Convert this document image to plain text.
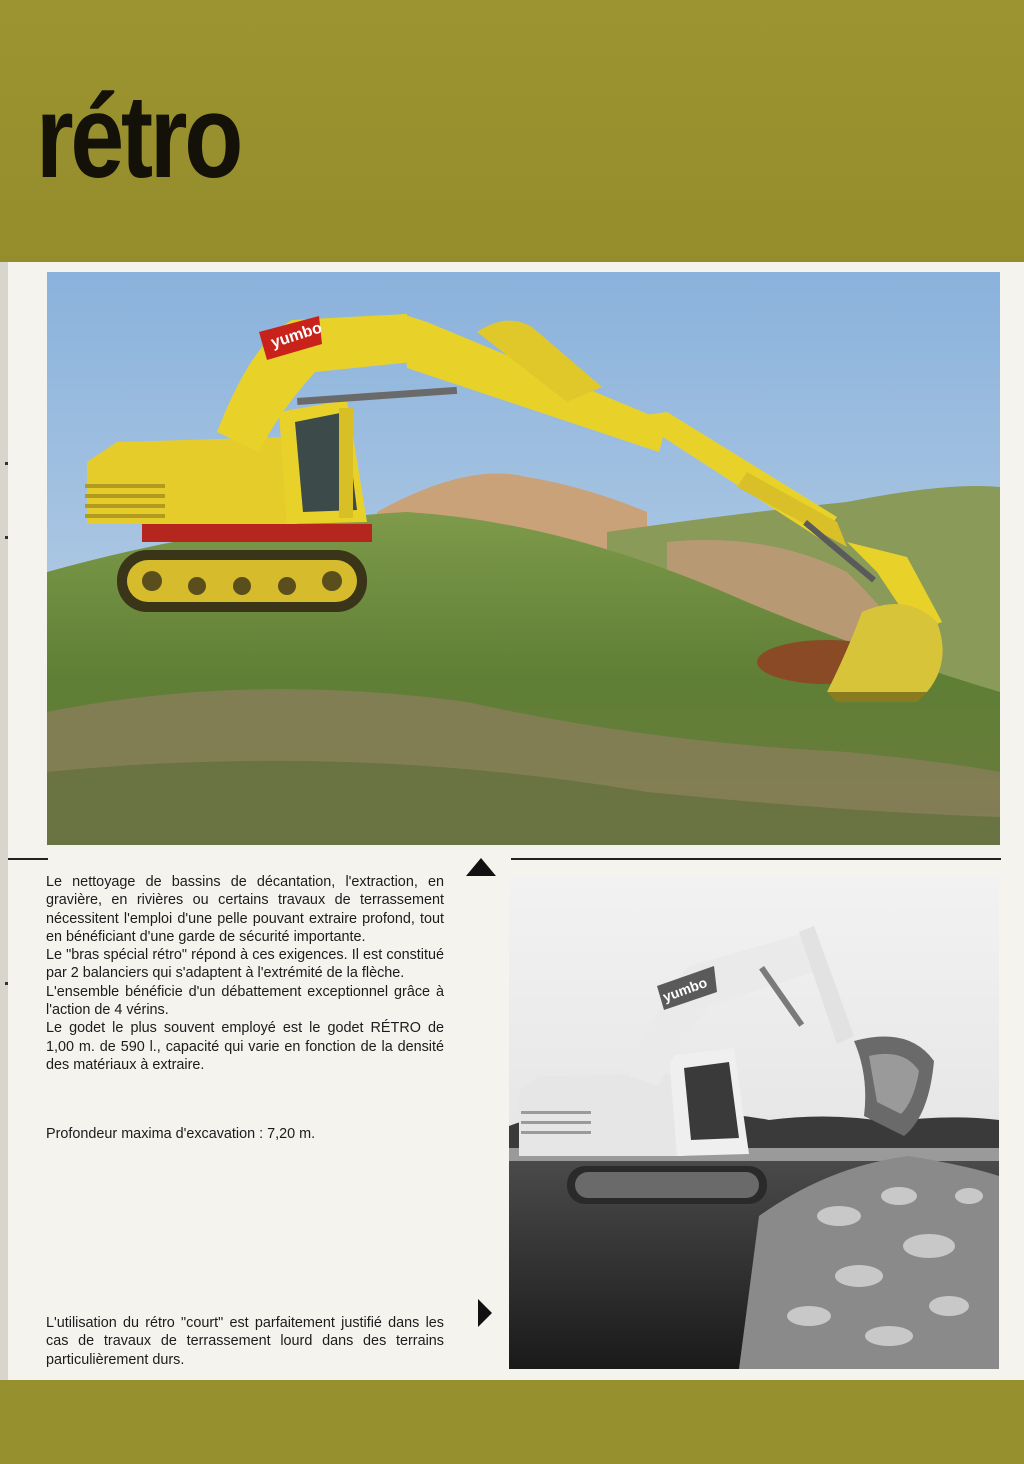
rétro
yumbo

Le nettoyage de bassins de décantation, l'extraction, en gravière, en rivières ou certains travaux de terrassement nécessitent l'emploi d'une pelle pouvant extraire profond, tout en bénéficiant d'une garde de sécurité importante.

Le "bras spécial rétro" répond à ces exigences. Il est constitué par 2 balanciers qui s'adaptent à l'extrémité de la flèche.

L'ensemble bénéficie d'un débattement exceptionnel grâce à l'action de 4 vérins.

Le godet le plus souvent employé est le godet RÉTRO de 1,00 m. de 590 l., capacité qui varie en fonction de la densité des matériaux à extraire.

Profondeur maxima d'excavation : 7,20 m.
yumbo
L'utilisation du rétro "court" est parfaitement justifié dans les cas de travaux de terrassement lourd dans des terrains particulièrement durs.
